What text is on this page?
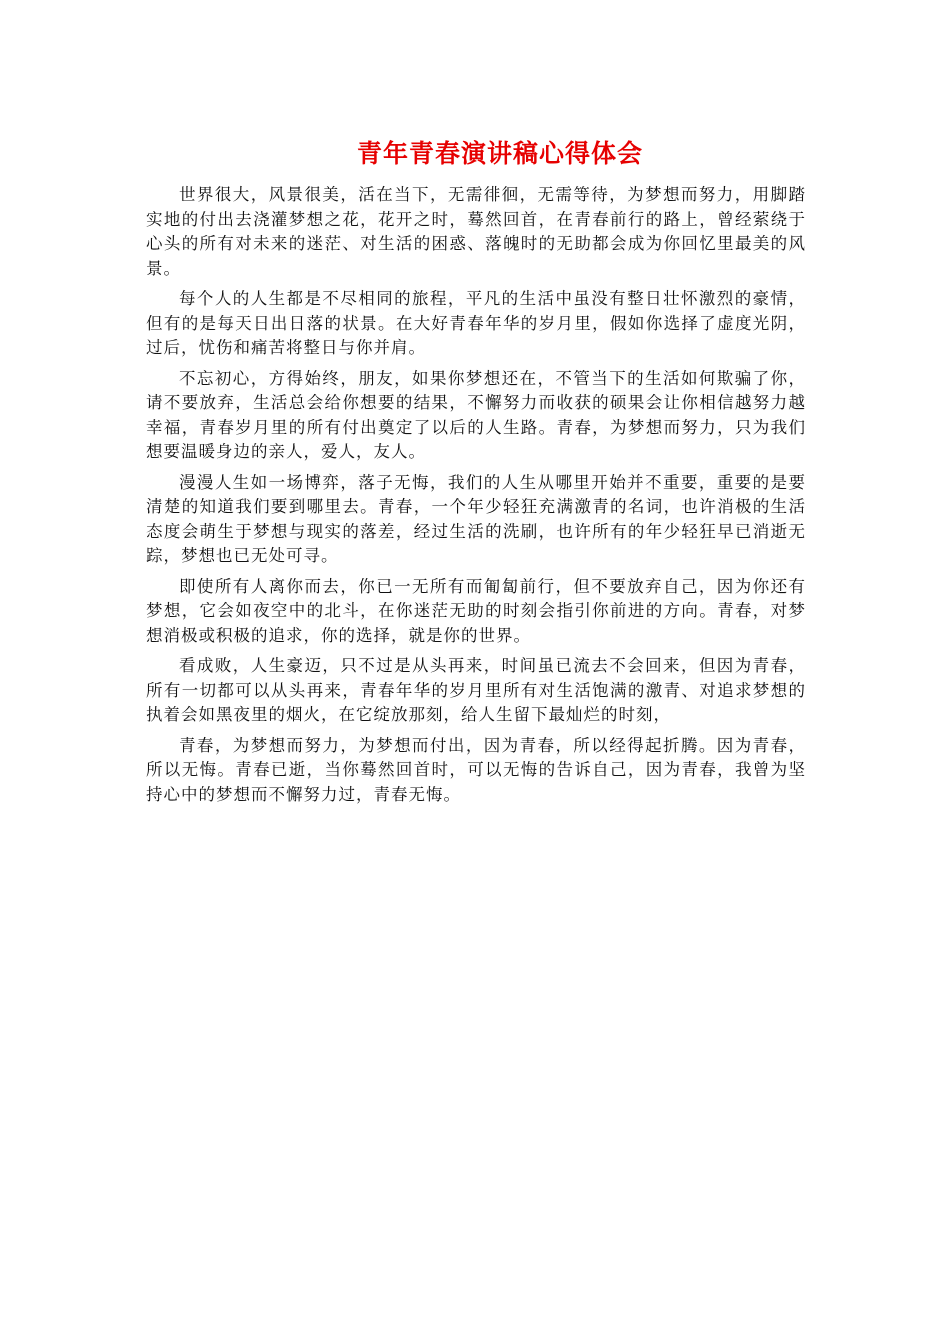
青年青春演讲稿心得体会

世界很大，风景很美，活在当下，无需徘徊，无需等待，为梦想而努力，用脚踏实地的付出去浇灌梦想之花，花开之时，蓦然回首，在青春前行的路上，曾经萦绕于心头的所有对未来的迷茫、对生活的困惑、落魄时的无助都会成为你回忆里最美的风景。

每个人的人生都是不尽相同的旅程，平凡的生活中虽没有整日壮怀激烈的豪情，但有的是每天日出日落的状景。在大好青春年华的岁月里，假如你选择了虚度光阴，过后，忧伤和痛苦将整日与你并肩。

不忘初心，方得始终，朋友，如果你梦想还在，不管当下的生活如何欺骗了你，请不要放弃，生活总会给你想要的结果，不懈努力而收获的硕果会让你相信越努力越幸福，青春岁月里的所有付出奠定了以后的人生路。青春，为梦想而努力，只为我们想要温暖身边的亲人，爱人，友人。

漫漫人生如一场博弈，落子无悔，我们的人生从哪里开始并不重要，重要的是要清楚的知道我们要到哪里去。青春，一个年少轻狂充满激青的名词，也许消极的生活态度会萌生于梦想与现实的落差，经过生活的洗刷，也许所有的年少轻狂早已消逝无踪，梦想也已无处可寻。

即使所有人离你而去，你已一无所有而匍匐前行，但不要放弃自己，因为你还有梦想，它会如夜空中的北斗，在你迷茫无助的时刻会指引你前进的方向。青春，对梦想消极或积极的追求，你的选择，就是你的世界。

看成败，人生豪迈，只不过是从头再来，时间虽已流去不会回来，但因为青春，所有一切都可以从头再来，青春年华的岁月里所有对生活饱满的激青、对追求梦想的执着会如黑夜里的烟火，在它绽放那刻，给人生留下最灿烂的时刻，

青春，为梦想而努力，为梦想而付出，因为青春，所以经得起折腾。因为青春，所以无悔。青春已逝，当你蓦然回首时，可以无悔的告诉自己，因为青春，我曾为坚持心中的梦想而不懈努力过，青春无悔。
